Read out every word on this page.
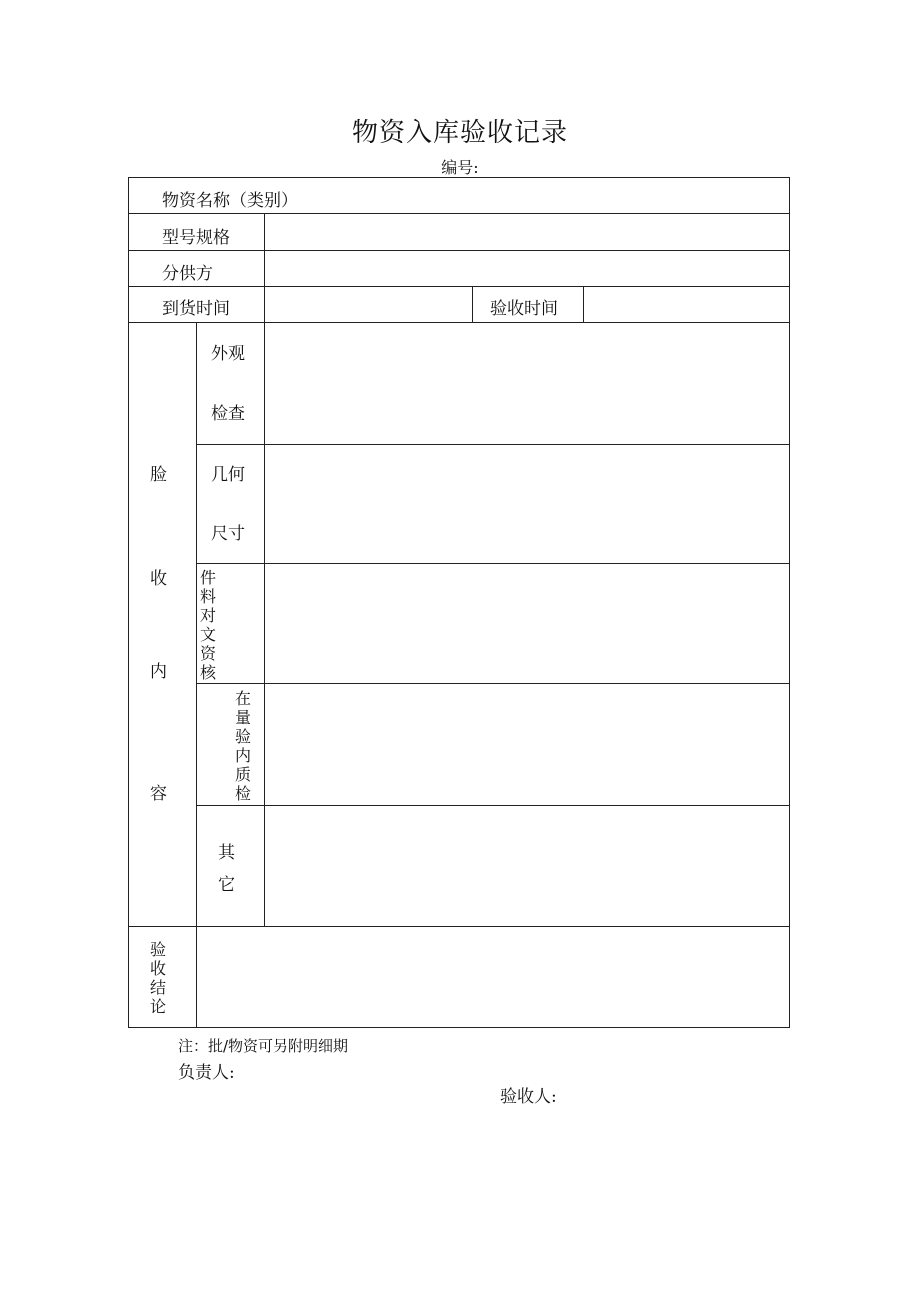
物资入库验收记录
编号:
物资名称（类别）
型号规格
分供方
到货时间	验收时间
脸
收
内
容
外观
检查
几何
尺寸
件料对文资核
在量验内质检
其
它
验收结论
注：批/物资可另附明细期
负责人:
验收人:
